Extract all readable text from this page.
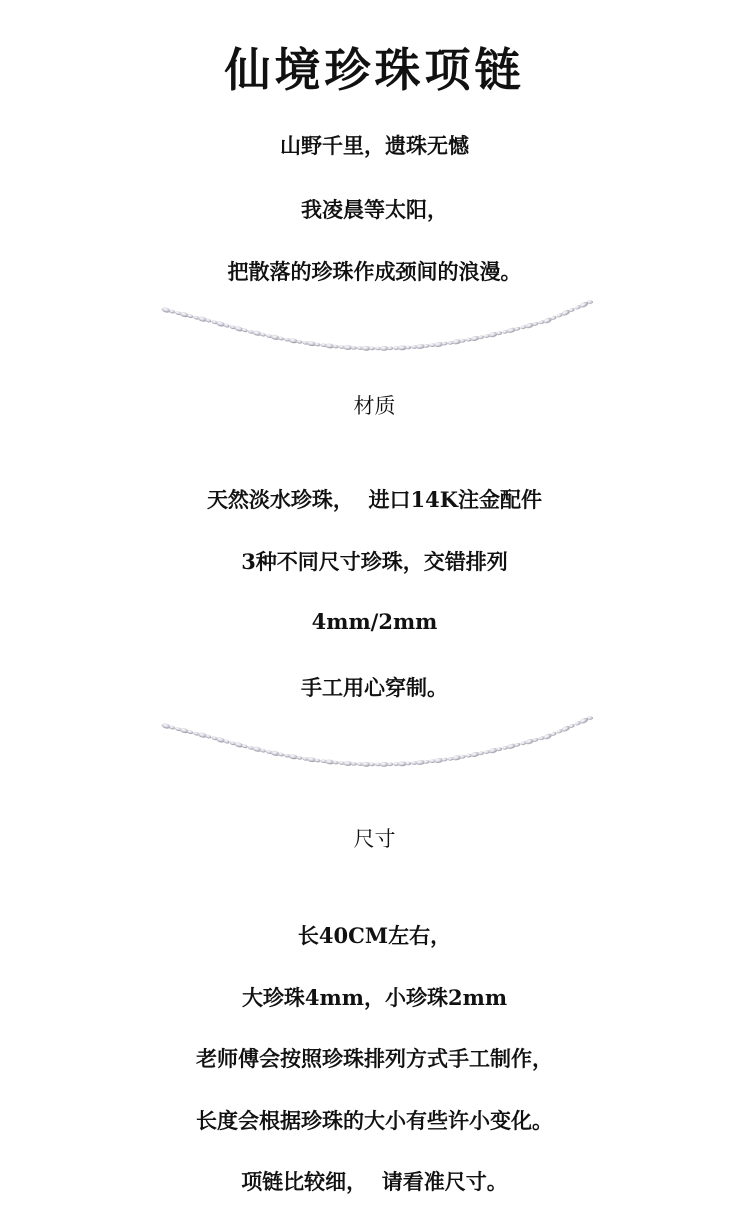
仙境珍珠项链
山野千里，遗珠无憾
我凌晨等太阳，
把散落的珍珠作成颈间的浪漫。
材质
天然淡水珍珠，  进口14K注金配件
3种不同尺寸珍珠，交错排列
4mm/2mm
手工用心穿制。
尺寸
长40CM左右，
大珍珠4mm，小珍珠2mm
老师傅会按照珍珠排列方式手工制作，
长度会根据珍珠的大小有些许小变化。
项链比较细，  请看准尺寸。
